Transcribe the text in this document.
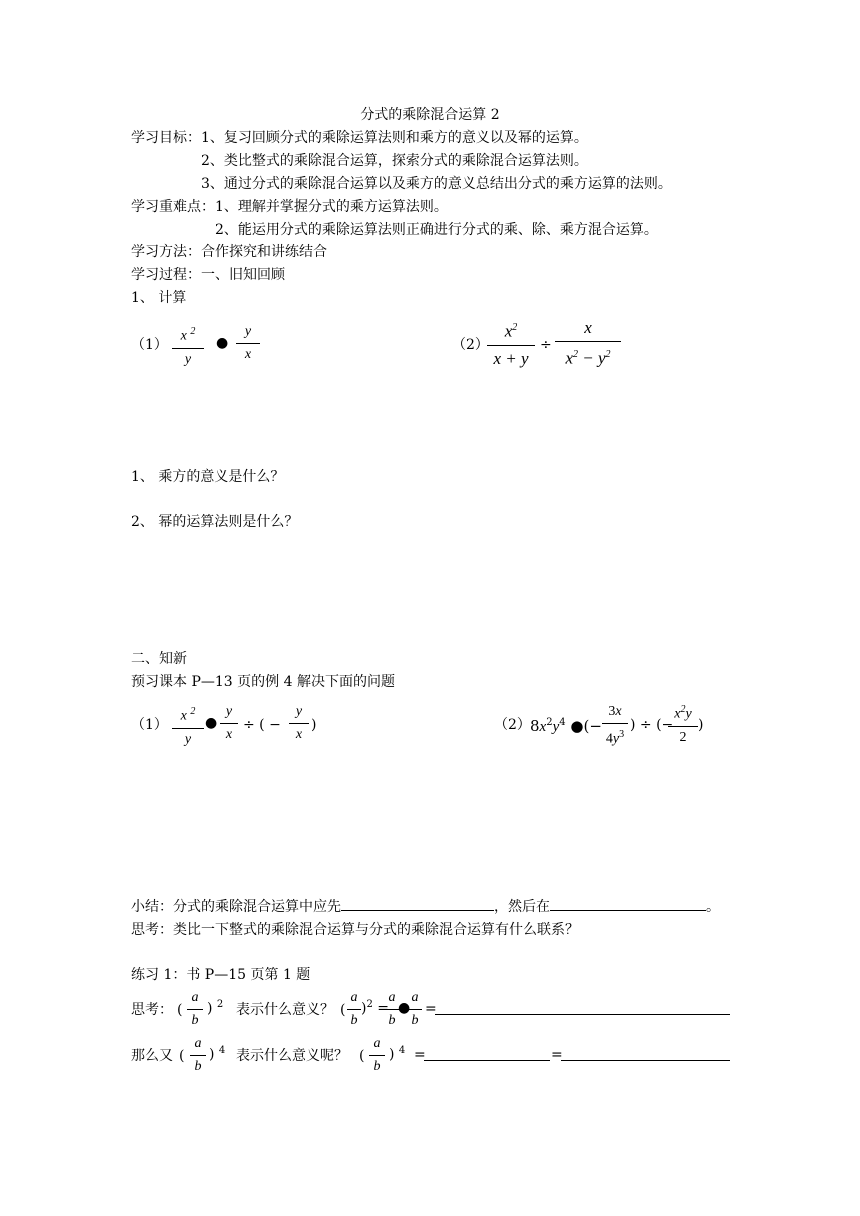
分式的乘除混合运算 2
学习目标： 1、复习回顾分式的乘除运算法则和乘方的意义以及幂的运算。
2、类比整式的乘除混合运算，探索分式的乘除混合运算法则。
3、通过分式的乘除混合运算以及乘方的意义总结出分式的乘方运算的法则。
学习重难点： 1、理解并掌握分式的乘方运算法则。
2、能运用分式的乘除运算法则正确进行分式的乘、除、乘方混合运算。
学习方法：合作探究和讲练结合
学习过程：一、旧知回顾
1、 计算
（1）
x $^2$
y
●
y
x
（2）
$x^2$
x + y
÷
x
$x^2 - y^2$
1、 乘方的意义是什么？
2、 幂的运算法则是什么？
二、知新
预习课本 P—13 页的例 4 解决下面的问题
（1）
x $^2$
y
●
y
x
÷ ( −
y
x
)	（2） $8x^2y^4$ ●(−
3x
$4y^3$
) ÷ (−
$x^2y$
2
)
小结：分式的乘除混合运算中应先	，然后在	。
思考：类比一下整式的乘除混合运算与分式的乘除混合运算有什么联系？
练习 1：书 P—15 页第 1 题
思考： (
a
b
) $^2$ 表示什么意义？ (
a
b
)$^2$ =
a
b
●
a
b
=
那么又 (
a
b
) $^4$ 表示什么意义呢？ (
a
b
) $^4$ =	=
